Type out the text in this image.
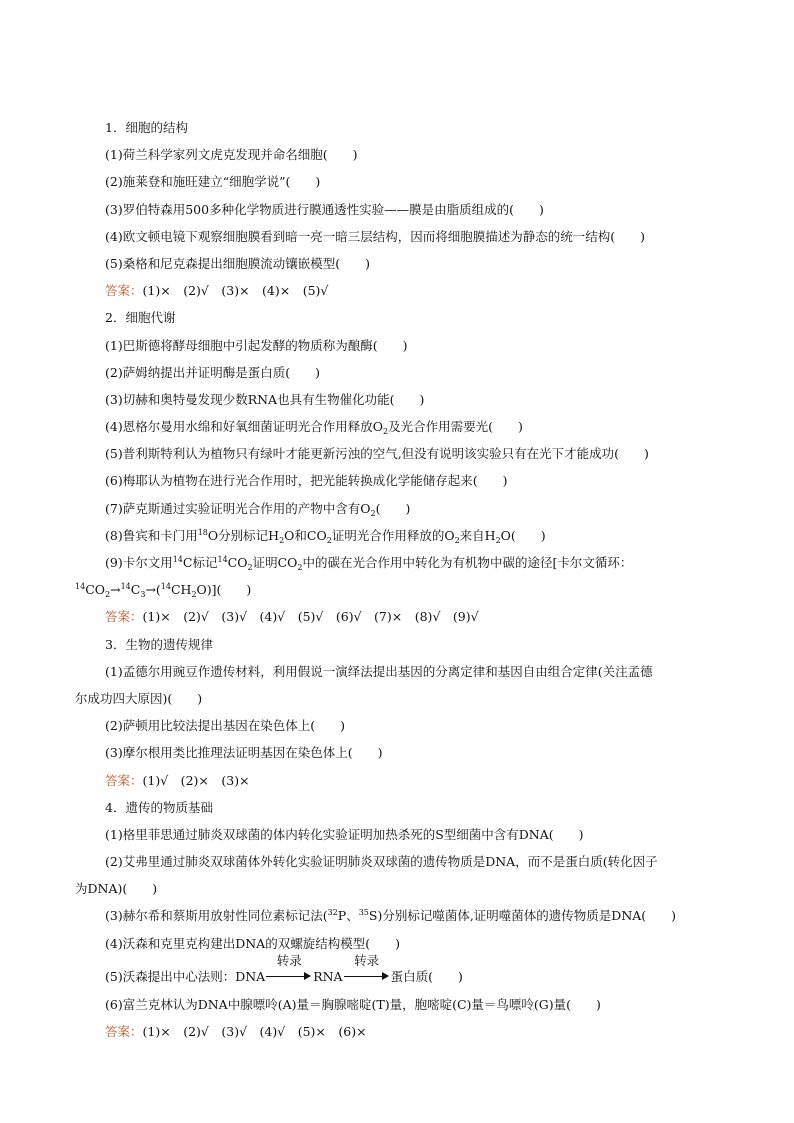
1．细胞的结构
(1)荷兰科学家列文虎克发现并命名细胞(　　)
(2)施莱登和施旺建立“细胞学说”(　　)
(3)罗伯特森用500多种化学物质进行膜通透性实验——膜是由脂质组成的(　　)
(4)欧文顿电镜下观察细胞膜看到暗一亮一暗三层结构，因而将细胞膜描述为静态的统一结构(　　)
(5)桑格和尼克森提出细胞膜流动镶嵌模型(　　)
答案：(1)×　(2)√　(3)×　(4)×　(5)√
2．细胞代谢
(1)巴斯德将酵母细胞中引起发酵的物质称为酿酶(　　)
(2)萨姆纳提出并证明酶是蛋白质(　　)
(3)切赫和奥特曼发现少数RNA也具有生物催化功能(　　)
(4)恩格尔曼用水绵和好氧细菌证明光合作用释放$O_2$及光合作用需要光(　　)
(5)普利斯特利认为植物只有绿叶才能更新污浊的空气,但没有说明该实验只有在光下才能成功(　　)
(6)梅耶认为植物在进行光合作用时，把光能转换成化学能储存起来(　　)
(7)萨克斯通过实验证明光合作用的产物中含有$O_2$(　　)
(8)鲁宾和卡门用$^{18}$O分别标记$H_2O$和$CO_2$证明光合作用释放的$O_2$来自$H_2O$(　　)
(9)卡尔文用$^{14}$C标记$^{14}CO_2$证明$CO_2$中的碳在光合作用中转化为有机物中碳的途径[卡尔文循环：
$^{14}CO_2\to^{14}C_3\to(^{14}CH_2O)$](　　)
答案：(1)×　(2)√　(3)√　(4)√　(5)√　(6)√　(7)×　(8)√　(9)√
3．生物的遗传规律
(1)孟德尔用豌豆作遗传材料，利用假说一演绎法提出基因的分离定律和基因自由组合定律(关注孟德
尔成功四大原因)(　　)
(2)萨顿用比较法提出基因在染色体上(　　)
(3)摩尔根用类比推理法证明基因在染色体上(　　)
答案：(1)√　(2)×　(3)×
4．遗传的物质基础
(1)格里菲思通过肺炎双球菌的体内转化实验证明加热杀死的S型细菌中含有DNA(　　)
(2)艾弗里通过肺炎双球菌体外转化实验证明肺炎双球菌的遗传物质是DNA，而不是蛋白质(转化因子
为DNA)(　　)
(3)赫尔希和蔡斯用放射性同位素标记法($^{32}$P、$^{35}$S)分别标记噬菌体,证明噬菌体的遗传物质是DNA(　　)
(4)沃森和克里克构建出DNA的双螺旋结构模型(　　)
(5)沃森提出中心法则：DNA
转录
RNA
转录
蛋白质(　　)
(6)富兰克林认为DNA中腺嘌呤(A)量＝胸腺嘧啶(T)量，胞嘧啶(C)量＝鸟嘌呤(G)量(　　)
答案：(1)×　(2)√　(3)√　(4)√　(5)×　(6)×
